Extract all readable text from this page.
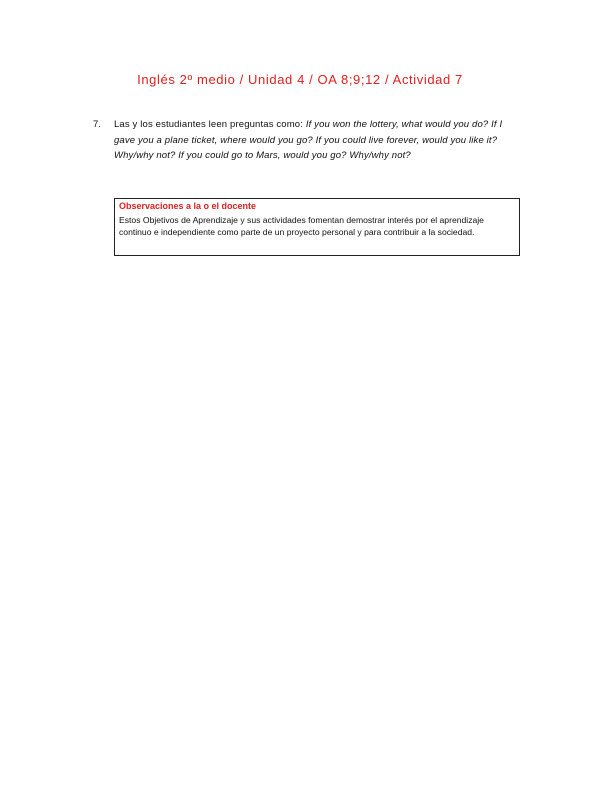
Inglés 2º medio / Unidad 4 / OA 8;9;12 / Actividad 7
7. Las y los estudiantes leen preguntas como: If you won the lottery, what would you do? If I gave you a plane ticket, where would you go? If you could live forever, would you like it? Why/why not? If you could go to Mars, would you go? Why/why not?
Observaciones a la o el docente
Estos Objetivos de Aprendizaje y sus actividades fomentan demostrar interés por el aprendizaje continuo e independiente como parte de un proyecto personal y para contribuir a la sociedad.
